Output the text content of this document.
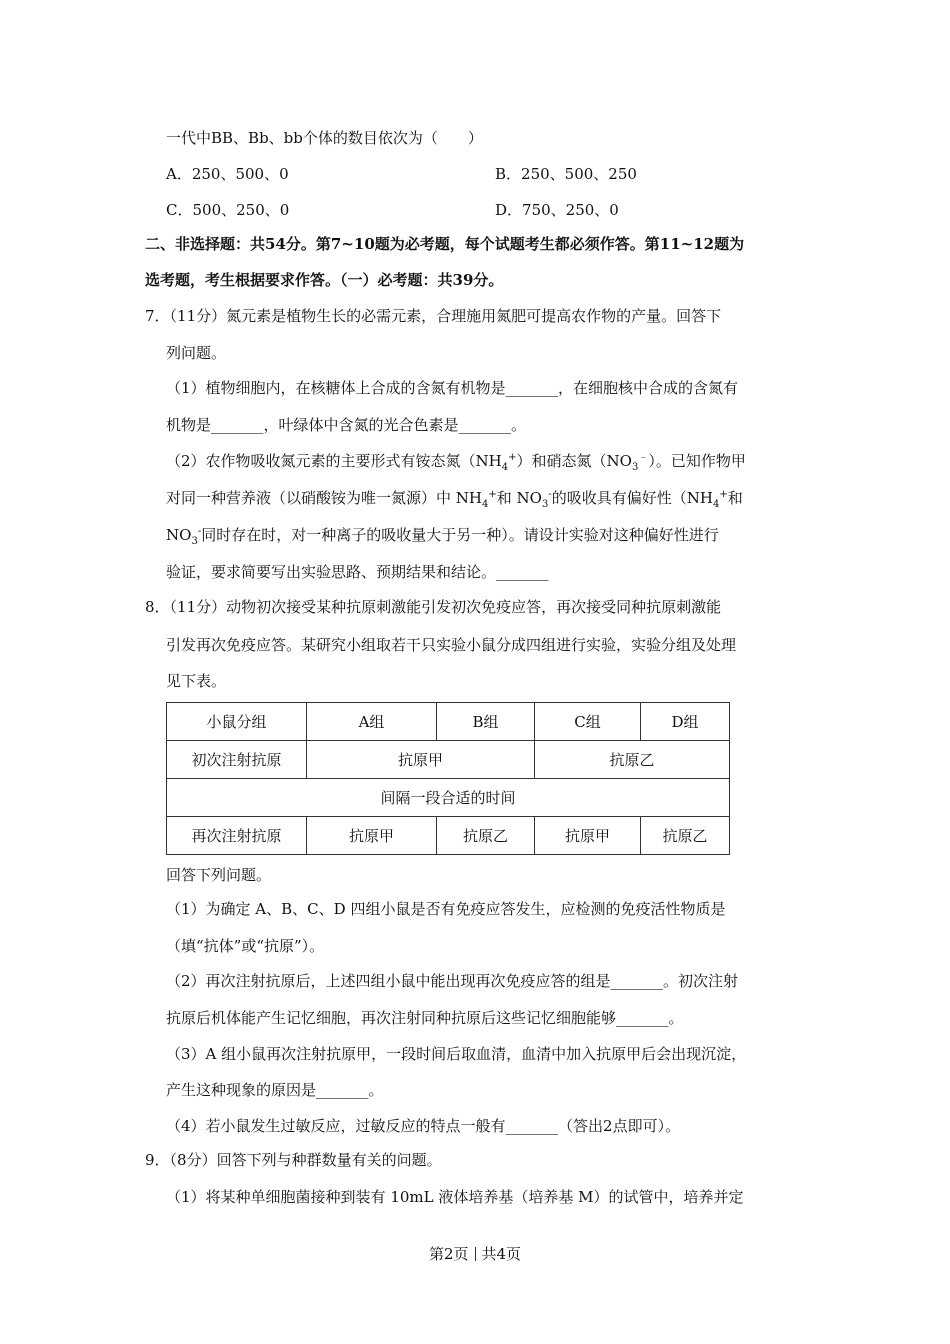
一代中BB、Bb、bb个体的数目依次为（　　）
A．250、500、0	B．250、500、250
C．500、250、0	D．750、250、0
二、非选择题：共54分。第7~10题为必考题，每个试题考生都必须作答。第11~12题为
选考题，考生根据要求作答。（一）必考题：共39分。
7．（11分）氮元素是植物生长的必需元素，合理施用氮肥可提高农作物的产量。回答下
列问题。
（1）植物细胞内，在核糖体上合成的含氮有机物是_______，在细胞核中合成的含氮有
机物是_______，叶绿体中含氮的光合色素是_______。
（2）农作物吸收氮元素的主要形式有铵态氮$(NH_4^+)$和硝态氮$(NO_3^﹣)$。已知作物甲
对同一种营养液（以硝酸铵为唯一氮源）中 $NH_4^+$和 $NO_3^-$的吸收具有偏好性（$NH_4^+$和
$NO_3^-$同时存在时，对一种离子的吸收量大于另一种）。请设计实验对这种偏好性进行
验证，要求简要写出实验思路、预期结果和结论。_______
8．（11分）动物初次接受某种抗原刺激能引发初次免疫应答，再次接受同种抗原刺激能
引发再次免疫应答。某研究小组取若干只实验小鼠分成四组进行实验，实验分组及处理
见下表。
小鼠分组	A组	B组	C组	D组
初次注射抗原	抗原甲		抗原乙	
间隔一段合适的时间				
再次注射抗原	抗原甲	抗原乙	抗原甲	抗原乙
回答下列问题。
（1）为确定 A、B、C、D 四组小鼠是否有免疫应答发生，应检测的免疫活性物质是
（填“抗体”或“抗原”）。
（2）再次注射抗原后，上述四组小鼠中能出现再次免疫应答的组是_______。初次注射
抗原后机体能产生记忆细胞，再次注射同种抗原后这些记忆细胞能够_______。
（3）A 组小鼠再次注射抗原甲，一段时间后取血清，血清中加入抗原甲后会出现沉淀，
产生这种现象的原因是_______。
（4）若小鼠发生过敏反应，过敏反应的特点一般有_______（答出2点即可）。
9．（8分）回答下列与种群数量有关的问题。
（1）将某种单细胞菌接种到装有 10mL 液体培养基（培养基 M）的试管中，培养并定
第2页 共4页
